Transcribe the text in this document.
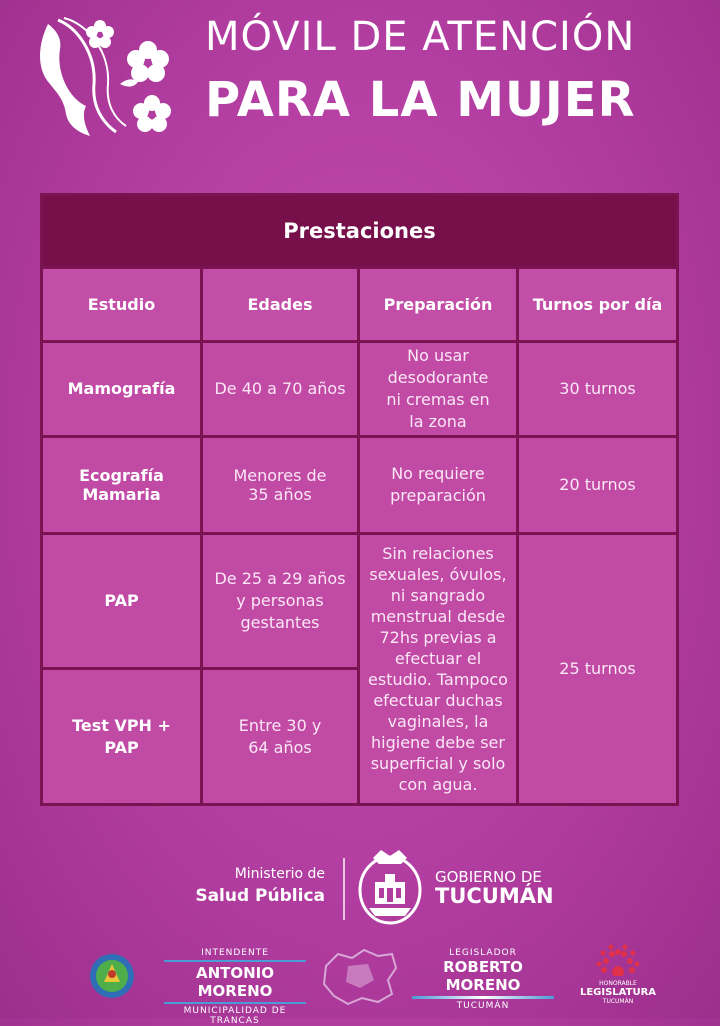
MÓVIL DE ATENCIÓN
PARA LA MUJER
Prestaciones			
Estudio	Edades	Preparación	Turnos por día
Mamografía	De 40 a 70 años	No usar desodorante ni cremas en la zona	30 turnos

Ecografía Mamaria	Menores de 35 años	No requiere preparación	20 turnos
PAP	De 25 a 29 años y personas gestantes	Sin relaciones sexuales, óvulos, ni sangrado menstrual desde 72hs previas a efectuar el estudio. Tampoco efectuar duchas vaginales, la higiene debe ser superficial y solo con agua.	25 turnos

Test VPH + PAP	Entre 30 y 64 años		
Ministerio de
Salud Pública
GOBIERNO DE
TUCUMÁN
INTENDENTE
ANTONIO MORENO
MUNICIPALIDAD DE TRANCAS
LEGISLADOR
ROBERTO MORENO
TUCUMÁN
HONORABLE
LEGISLATURA
TUCUMÁN
